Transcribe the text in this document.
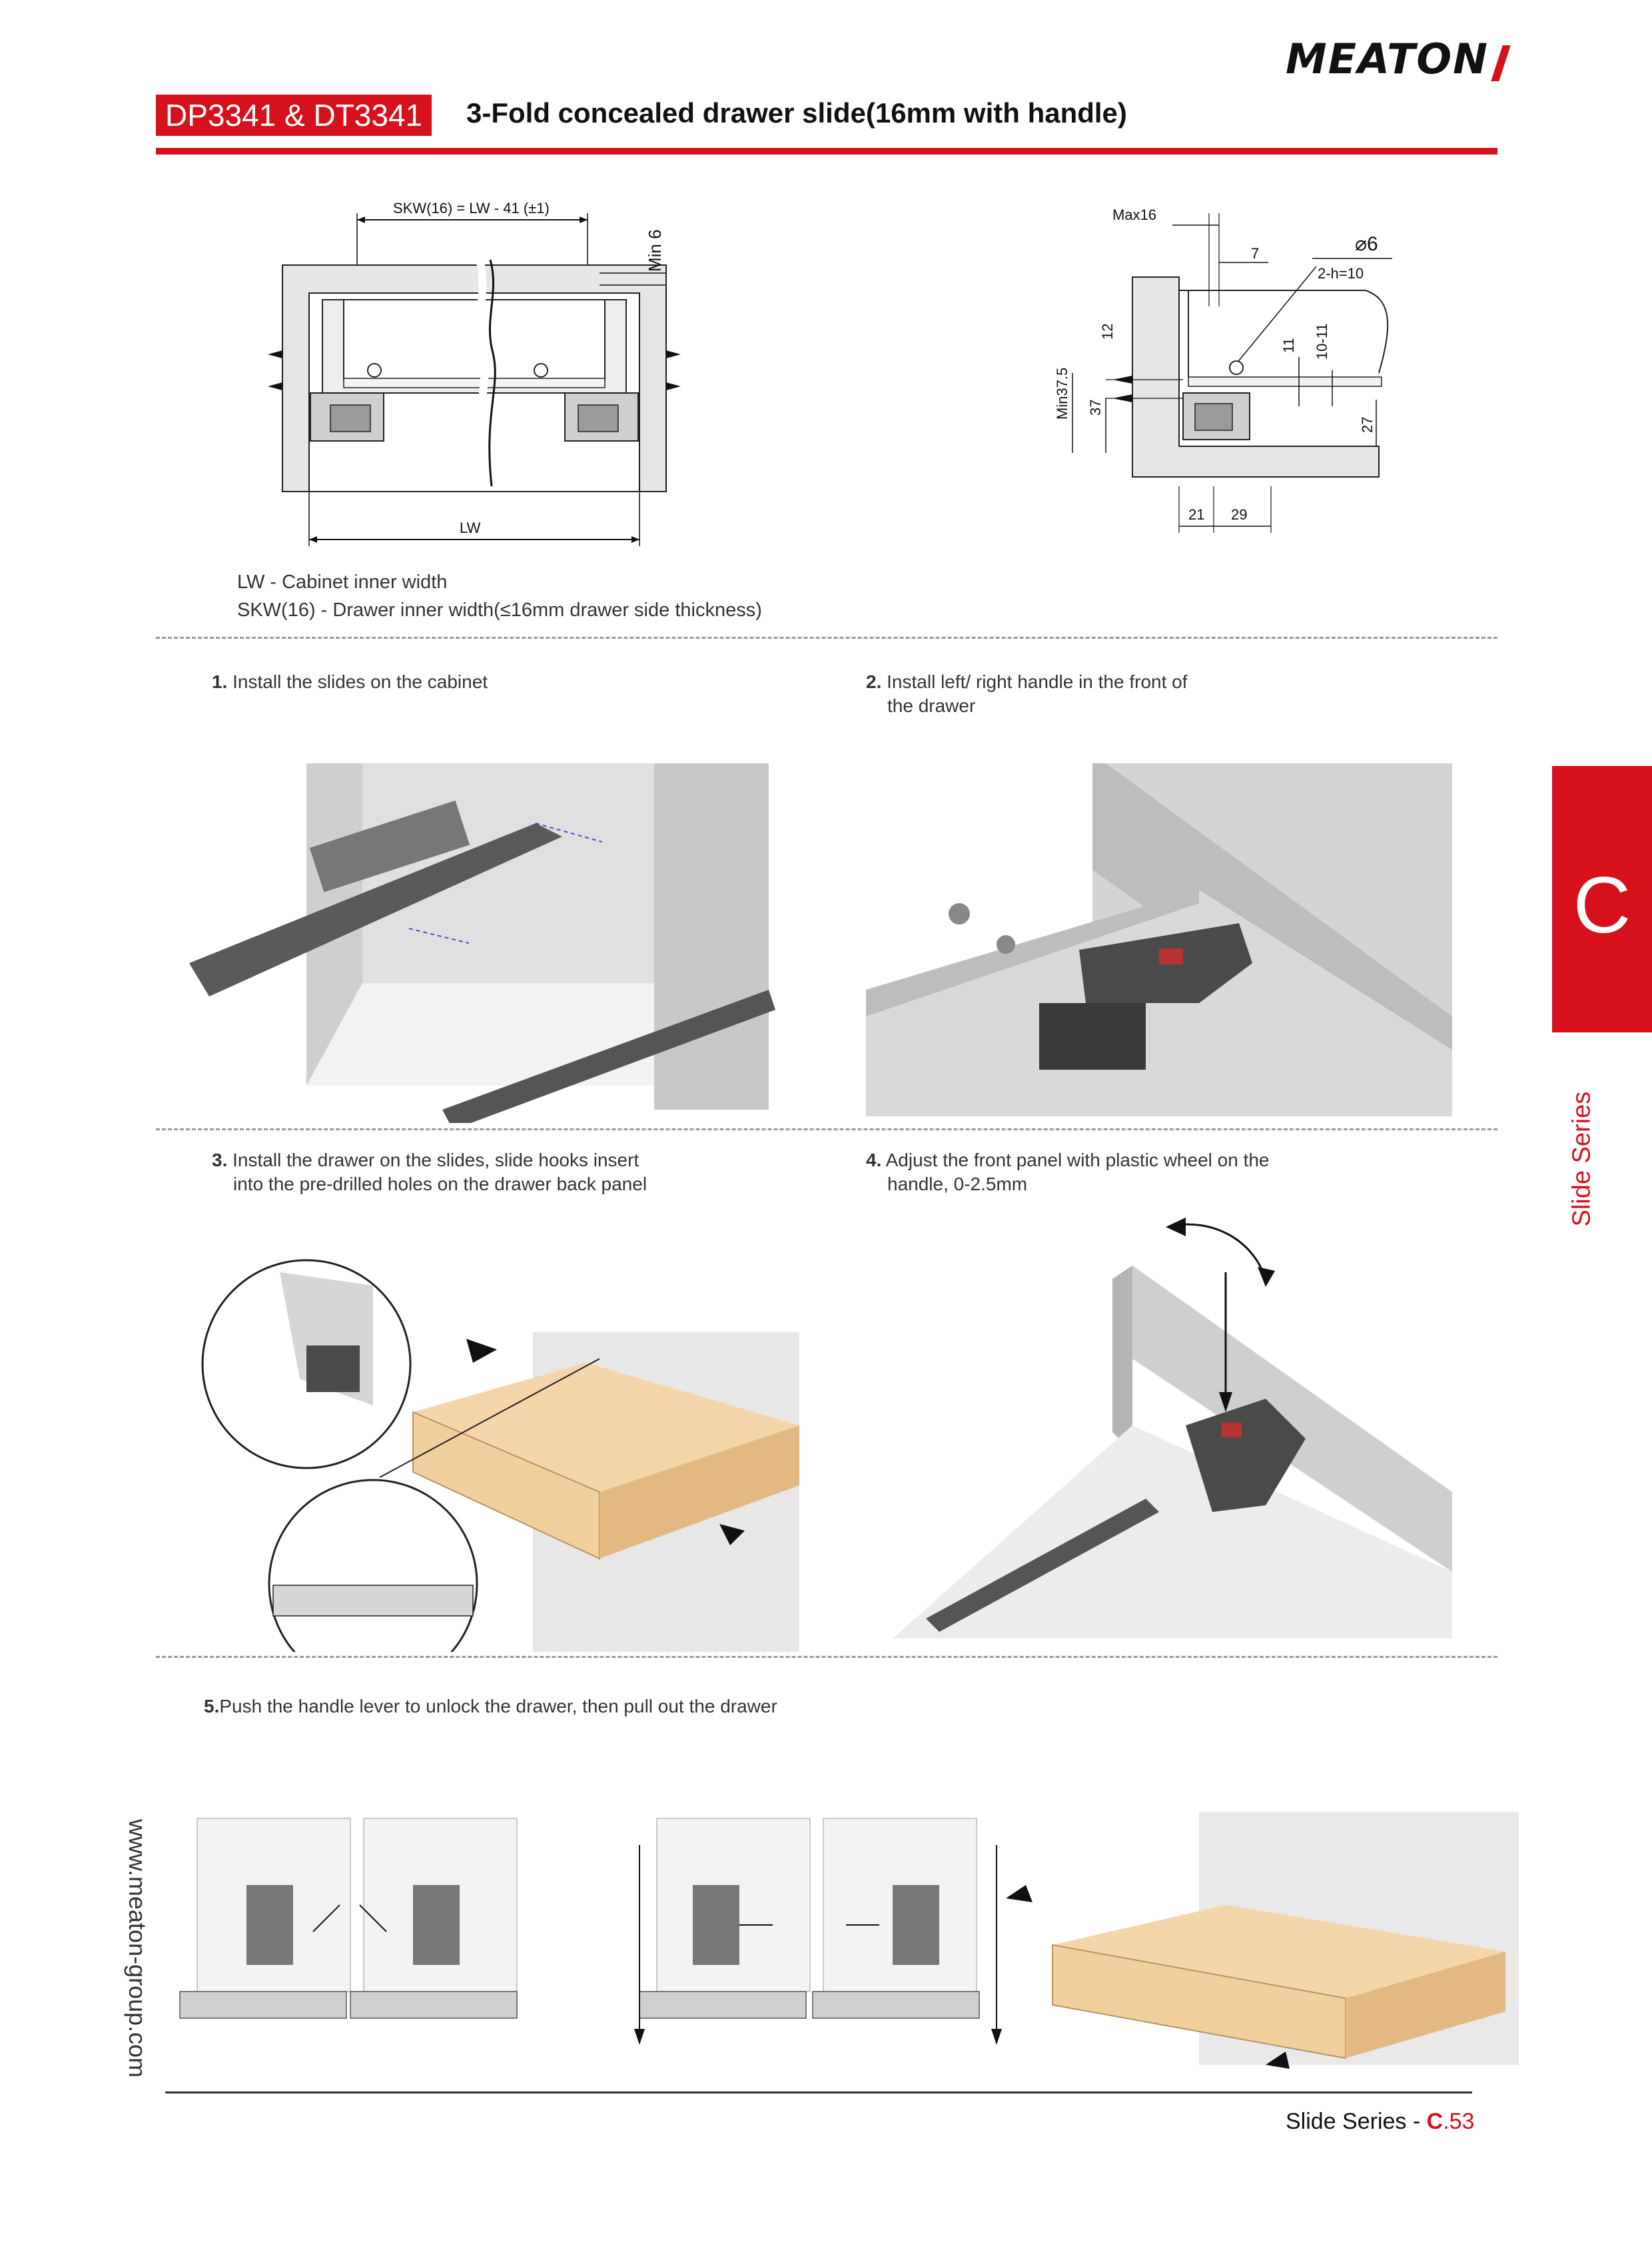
MEATON
DP3341 & DT3341	3-Fold concealed drawer slide(16mm with handle)
SKW(16) = LW - 41 (±1)
Min 6
LW
Max16
7	⌀6
2-h=10
12
Min37.5 37
11 10-11
27
21 29
LW - Cabinet inner width
SKW(16) - Drawer inner width(≤16mm drawer side thickness)
1. Install the slides on the cabinet	2. Install left/ right handle in the front of
the drawer
3. Install the drawer on the slides, slide hooks insert
into the pre-drilled holes on the drawer back panel
4. Adjust the front panel with plastic wheel on the
handle, 0-2.5mm
5.Push the handle lever to unlock the drawer, then pull out the drawer
C
Slide Series
www.meaton-group.com
Slide Series - C.53
